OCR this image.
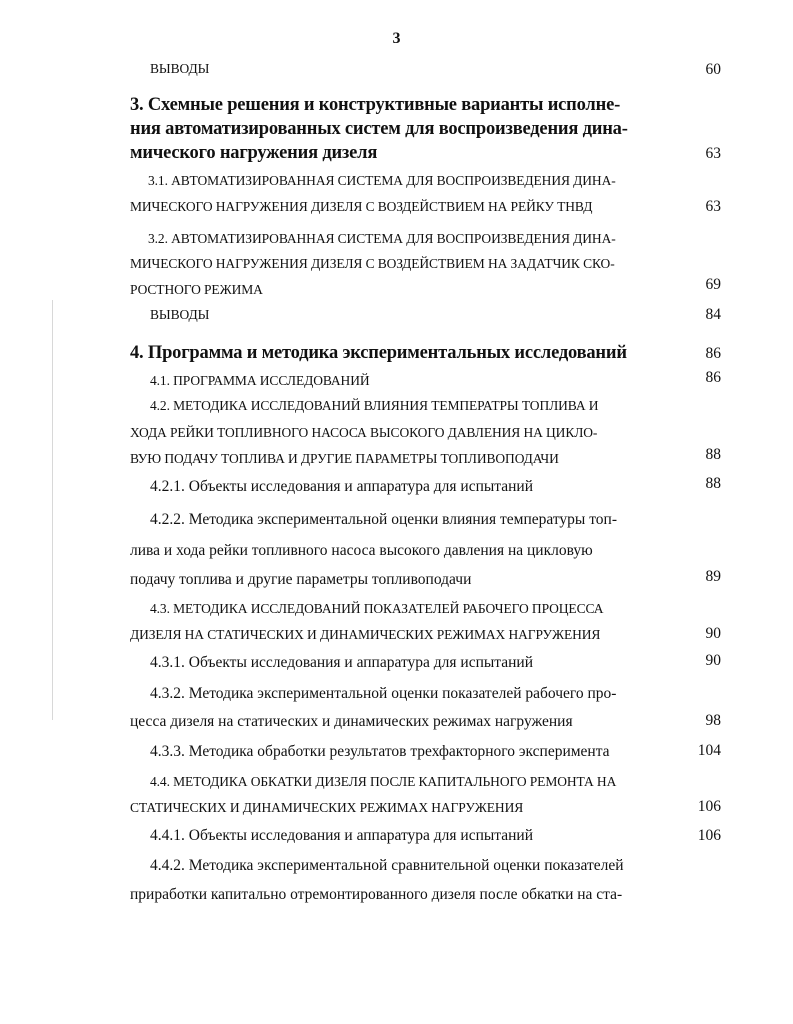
3
ВЫВОДЫ	60
3. Схемные решения и конструктивные варианты исполне-
ния автоматизированных систем для воспроизведения дина-
мического нагружения дизеля	63
3.1. АВТОМАТИЗИРОВАННАЯ СИСТЕМА ДЛЯ ВОСПРОИЗВЕДЕНИЯ ДИНА-
МИЧЕСКОГО НАГРУЖЕНИЯ ДИЗЕЛЯ С ВОЗДЕЙСТВИЕМ НА РЕЙКУ ТНВД	63
3.2. АВТОМАТИЗИРОВАННАЯ СИСТЕМА ДЛЯ ВОСПРОИЗВЕДЕНИЯ ДИНА-
МИЧЕСКОГО НАГРУЖЕНИЯ ДИЗЕЛЯ С ВОЗДЕЙСТВИЕМ НА ЗАДАТЧИК СКО-
РОСТНОГО РЕЖИМА	69
ВЫВОДЫ	84
4. Программа и методика экспериментальных исследований	86
4.1. ПРОГРАММА ИССЛЕДОВАНИЙ	86
4.2. МЕТОДИКА ИССЛЕДОВАНИЙ ВЛИЯНИЯ ТЕМПЕРАТРЫ ТОПЛИВА И
ХОДА РЕЙКИ ТОПЛИВНОГО НАСОСА ВЫСОКОГО ДАВЛЕНИЯ НА ЦИКЛО-
ВУЮ ПОДАЧУ ТОПЛИВА И ДРУГИЕ ПАРАМЕТРЫ ТОПЛИВОПОДАЧИ	88
4.2.1. Объекты исследования и аппаратура для испытаний	88
4.2.2. Методика экспериментальной оценки влияния температуры топ-
лива и хода рейки топливного насоса высокого давления на цикловую
подачу топлива и другие параметры топливоподачи	89
4.3. МЕТОДИКА ИССЛЕДОВАНИЙ ПОКАЗАТЕЛЕЙ РАБОЧЕГО ПРОЦЕССА
ДИЗЕЛЯ НА СТАТИЧЕСКИХ И ДИНАМИЧЕСКИХ РЕЖИМАХ НАГРУЖЕНИЯ	90
4.3.1. Объекты исследования и аппаратура для испытаний	90
4.3.2. Методика экспериментальной оценки показателей рабочего про-
цесса дизеля на статических и динамических режимах нагружения	98
4.3.3. Методика обработки результатов трехфакторного эксперимента	104
4.4. МЕТОДИКА ОБКАТКИ ДИЗЕЛЯ ПОСЛЕ КАПИТАЛЬНОГО РЕМОНТА НА
СТАТИЧЕСКИХ И ДИНАМИЧЕСКИХ РЕЖИМАХ НАГРУЖЕНИЯ	106
4.4.1. Объекты исследования и аппаратура для испытаний	106
4.4.2. Методика экспериментальной сравнительной оценки показателей
приработки капитально отремонтированного дизеля после обкатки на ста-
